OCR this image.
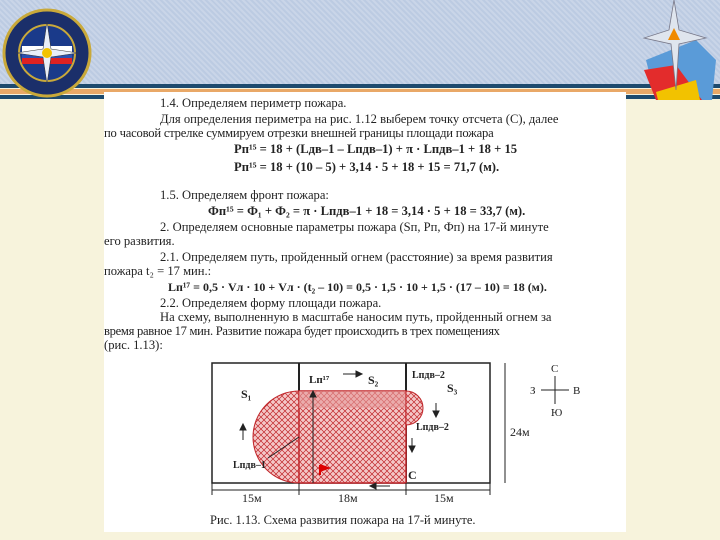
1.4. Определяем периметр пожара.
Для определения периметра на рис. 1.12 выберем точку отсчета (С), далее
по часовой стрелке суммируем отрезки внешней границы площади пожара
Pп¹⁵ = 18 + (Lдв–1 – Lпдв–1) + π · Lпдв–1 + 18 + 15
Pп¹⁵ = 18 + (10 – 5) + 3,14 · 5 + 18 + 15 = 71,7 (м).
1.5. Определяем фронт пожара:
Фп¹⁵ = Ф₁ + Ф₂ = π · Lпдв–1 + 18 = 3,14 · 5 + 18 = 33,7 (м).
2. Определяем основные параметры пожара (Sп, Pп, Фп) на 17-й минуте
его развития.
2.1. Определяем путь, пройденный огнем (расстояние) за время развития
пожара t₂ = 17 мин.:
Lп¹⁷ = 0,5 · Vл · 10 + Vл · (t₂ – 10) = 0,5 · 1,5 · 10 + 1,5 · (17 – 10) = 18 (м).
2.2. Определяем форму площади пожара.
На схему, выполненную в масштабе наносим путь, пройденный огнем за
время равное 17 мин. Развитие пожара будет происходить в трех помещениях
(рис. 1.13):
S₁
S₂
S₃
Lп¹⁷
Lпдв–1
Lпдв–2
Lпдв–2
С
15м	18м	15м
24м
С
Ю
З	В
Рис. 1.13. Схема развития пожара на 17-й минуте.
